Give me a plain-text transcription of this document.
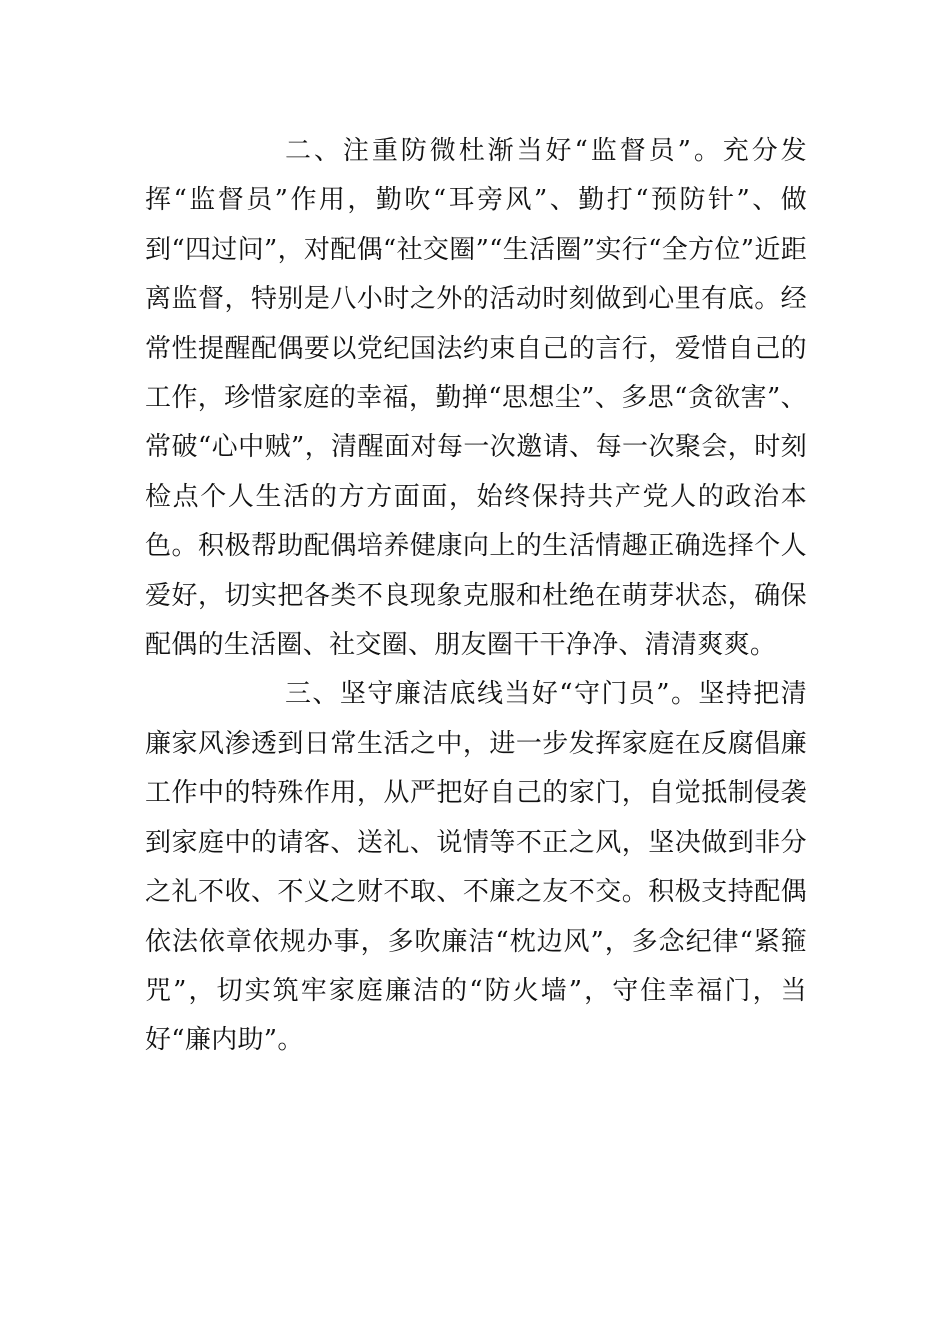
二、注重防微杜渐当好“监督员”。充分发挥“监督员”作用，勤吹“耳旁风”、勤打“预防针”、做到“四过问”，对配偶“社交圈”“生活圈”实行“全方位”近距离监督，特别是八小时之外的活动时刻做到心里有底。经常性提醒配偶要以党纪国法约束自己的言行，爱惜自己的工作，珍惜家庭的幸福，勤掸“思想尘”、多思“贪欲害”、常破“心中贼”，清醒面对每一次邀请、每一次聚会，时刻检点个人生活的方方面面，始终保持共产党人的政治本色。积极帮助配偶培养健康向上的生活情趣正确选择个人爱好，切实把各类不良现象克服和杜绝在萌芽状态，确保配偶的生活圈、社交圈、朋友圈干干净净、清清爽爽。

三、坚守廉洁底线当好“守门员”。坚持把清廉家风渗透到日常生活之中，进一步发挥家庭在反腐倡廉工作中的特殊作用，从严把好自己的家门，自觉抵制侵袭到家庭中的请客、送礼、说情等不正之风，坚决做到非分之礼不收、不义之财不取、不廉之友不交。积极支持配偶依法依章依规办事，多吹廉洁“枕边风”，多念纪律“紧箍咒”，切实筑牢家庭廉洁的“防火墙”，守住幸福门，当好“廉内助”。
